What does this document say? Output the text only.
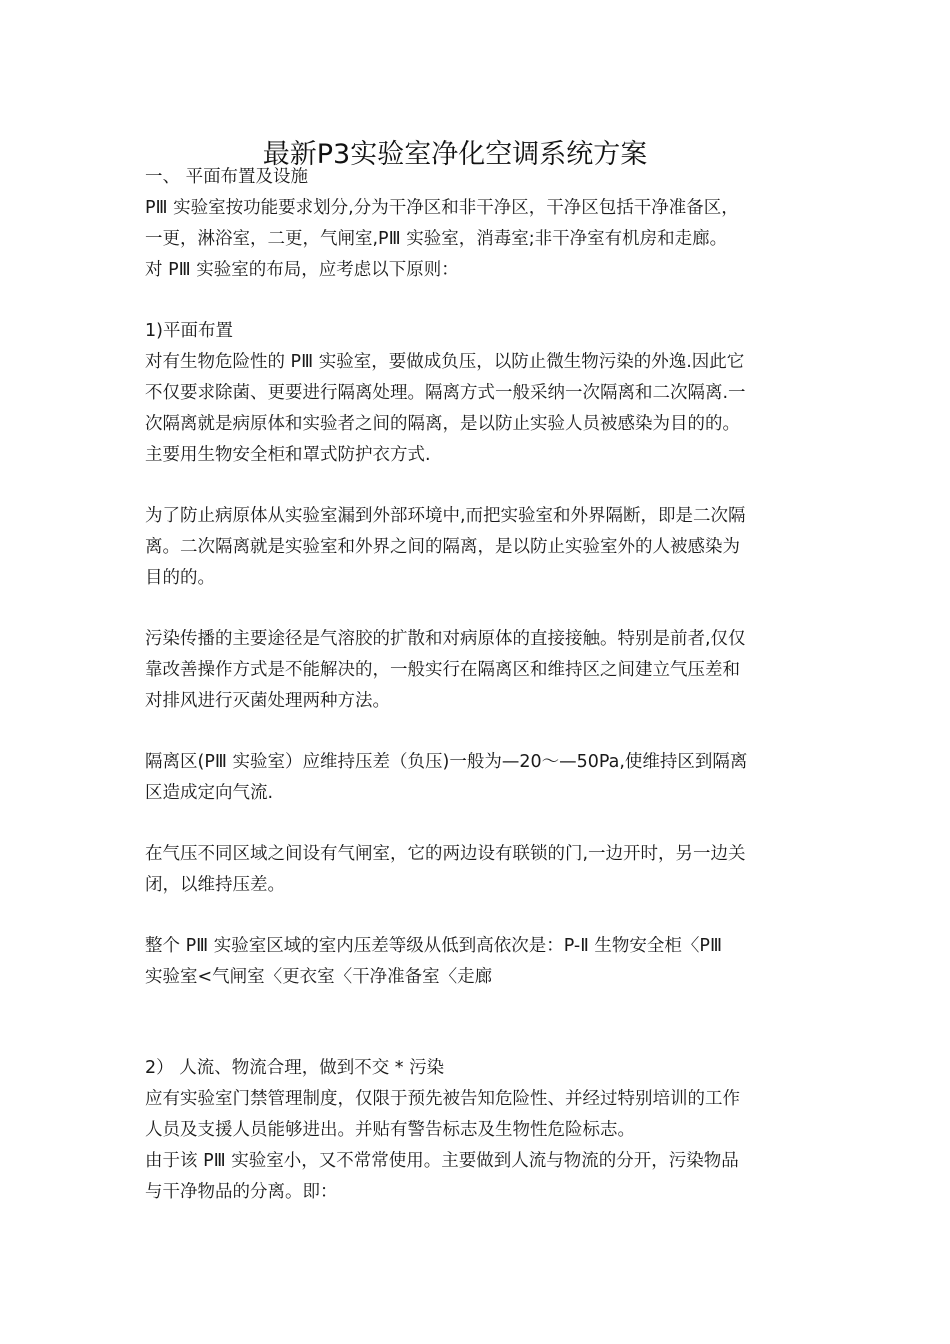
最新P3实验室净化空调系统方案
一、 平面布置及设施
PⅢ 实验室按功能要求划分,分为干净区和非干净区，干净区包括干净准备区，
一更，淋浴室，二更，气闸室,PⅢ 实验室，消毒室;非干净室有机房和走廊。
对 PⅢ 实验室的布局，应考虑以下原则：
1)平面布置
对有生物危险性的 PⅢ 实验室，要做成负压，以防止微生物污染的外逸.因此它
不仅要求除菌、更要进行隔离处理。隔离方式一般采纳一次隔离和二次隔离.一
次隔离就是病原体和实验者之间的隔离，是以防止实验人员被感染为目的的。
主要用生物安全柜和罩式防护衣方式.
为了防止病原体从实验室漏到外部环境中,而把实验室和外界隔断，即是二次隔
离。二次隔离就是实验室和外界之间的隔离，是以防止实验室外的人被感染为
目的的。
污染传播的主要途径是气溶胶的扩散和对病原体的直接接触。特别是前者,仅仅
靠改善操作方式是不能解决的，一般实行在隔离区和维持区之间建立气压差和
对排风进行灭菌处理两种方法。
隔离区(PⅢ 实验室）应维持压差（负压)一般为—20～—50Pa,使维持区到隔离
区造成定向气流.
在气压不同区域之间设有气闸室，它的两边设有联锁的门,一边开时，另一边关
闭，以维持压差。
整个 PⅢ 实验室区域的室内压差等级从低到高依次是：P-Ⅱ 生物安全柜〈PⅢ
实验室<气闸室〈更衣室〈干净准备室〈走廊
2） 人流、物流合理，做到不交 * 污染
应有实验室门禁管理制度，仅限于预先被告知危险性、并经过特别培训的工作
人员及支援人员能够进出。并贴有警告标志及生物性危险标志。
由于该 PⅢ 实验室小，又不常常使用。主要做到人流与物流的分开，污染物品
与干净物品的分离。即：
